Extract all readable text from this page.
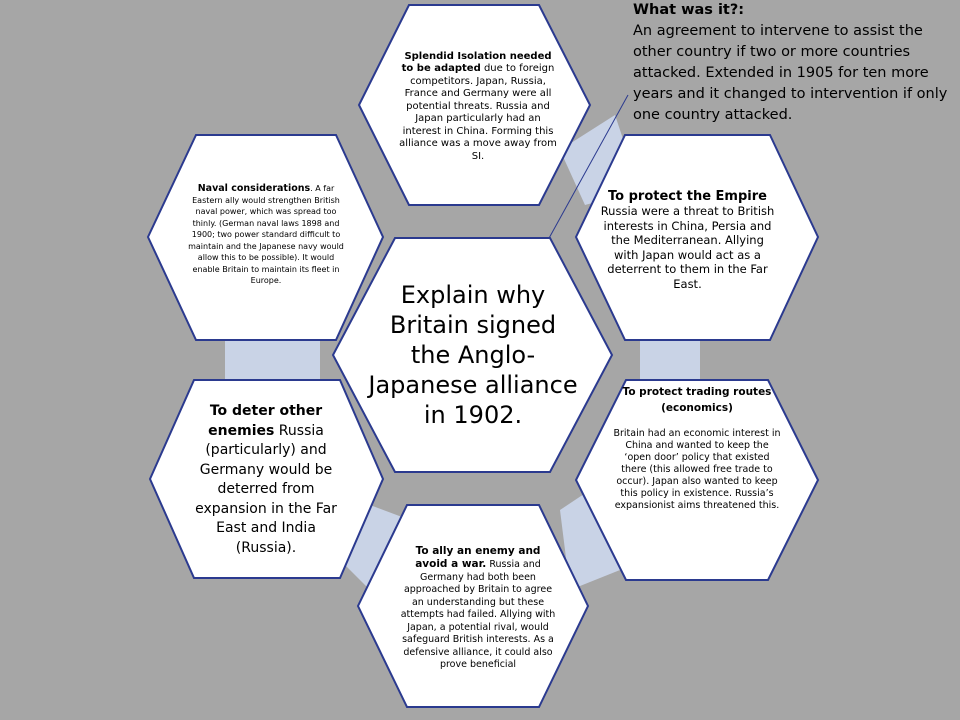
Explain why Britain signed the Anglo-Japanese alliance in 1902.
Splendid Isolation needed to be adapted due to foreign competitors. Japan, Russia, France and Germany were all potential threats. Russia and Japan particularly had an interest in China. Forming this alliance was a move away from SI.
To protect the Empire Russia were a threat to British interests in China, Persia and the Mediterranean. Allying with Japan would act as a deterrent to them in the Far East.
To protect trading routes (economics)
Britain had an economic interest in China and wanted to keep the ‘open door’ policy that existed there (this allowed free trade to occur). Japan also wanted to keep this policy in existence. Russia’s expansionist aims threatened this.
To ally an enemy and avoid a war. Russia and Germany had both been approached by Britain to agree an understanding but these attempts had failed. Allying with Japan, a potential rival, would safeguard British interests. As a defensive alliance, it could also prove beneficial
To deter other enemies Russia (particularly) and Germany would be deterred from expansion in the Far East and India (Russia).
Naval considerations. A far Eastern ally would strengthen British naval power, which was spread too thinly. (German naval laws 1898 and 1900; two power standard difficult to maintain and the Japanese navy would allow this to be possible). It would enable Britain to maintain its fleet in Europe.
What was it?:
An agreement to intervene to assist the other country if two or more countries attacked. Extended in 1905 for ten more years and it changed to intervention if only one country attacked.
